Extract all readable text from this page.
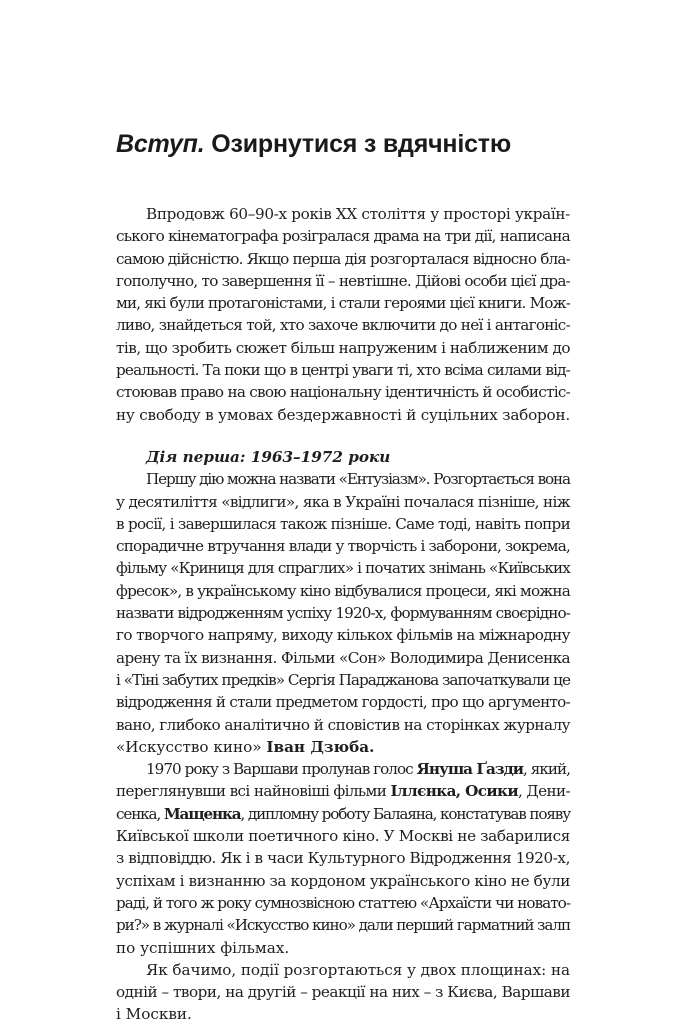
Вступ. Озирнутися з вдячністю
Впродовж 60–90-х років XX століття у просторі україн-
ського кінематографа розігралася драма на три дії, написана
самою дійсністю. Якщо перша дія розгорталася відносно бла-
гополучно, то завершення її – невтішне. Дійові особи цієї дра-
ми, які були протагоністами, і стали героями цієї книги. Мож-
ливо, знайдеться той, хто захоче включити до неї і антагоніс-
тів, що зробить сюжет більш напруженим і наближеним до
реальності. Та поки що в центрі уваги ті, хто всіма силами від-
стоював право на свою національну ідентичність й особистіс-
ну свободу в умовах бездержавності й суцільних заборон.
Дія перша: 1963–1972 роки
Першу дію можна назвати «Ентузіазм». Розгортається вона
у десятиліття «відлиги», яка в Україні почалася пізніше, ніж
в росії, і завершилася також пізніше. Саме тоді, навіть попри
спорадичне втручання влади у творчість і заборони, зокрема,
фільму «Криниця для спраглих» і початих знімань «Київських
фресок», в українському кіно відбувалися процеси, які можна
назвати відродженням успіху 1920-х, формуванням своєрідно-
го творчого напряму, виходу кількох фільмів на міжнародну
арену та їх визнання. Фільми «Сон» Володимира Денисенка
і «Тіні забутих предків» Сергія Параджанова започаткували це
відродження й стали предметом гордості, про що аргументо-
вано, глибоко аналітично й сповістив на сторінках журналу
«Искусство кино» Іван Дзюба.
1970 року з Варшави пролунав голос Януша Ґазди, який,
переглянувши всі найновіші фільми Іллєнка, Осики, Дени-
сенка, Мащенка, дипломну роботу Балаяна, констатував появу
Київської школи поетичного кіно. У Москві не забарилися
з відповіддю. Як і в часи Культурного Відродження 1920-х,
успіхам і визнанню за кордоном українського кіно не були
раді, й того ж року сумнозвісною статтею «Архаїсти чи новато-
ри?» в журналі «Искусство кино» дали перший гарматний залп
по успішних фільмах.
Як бачимо, події розгортаються у двох площинах: на
одній – твори, на другій – реакції на них – з Києва, Варшави
і Москви.
